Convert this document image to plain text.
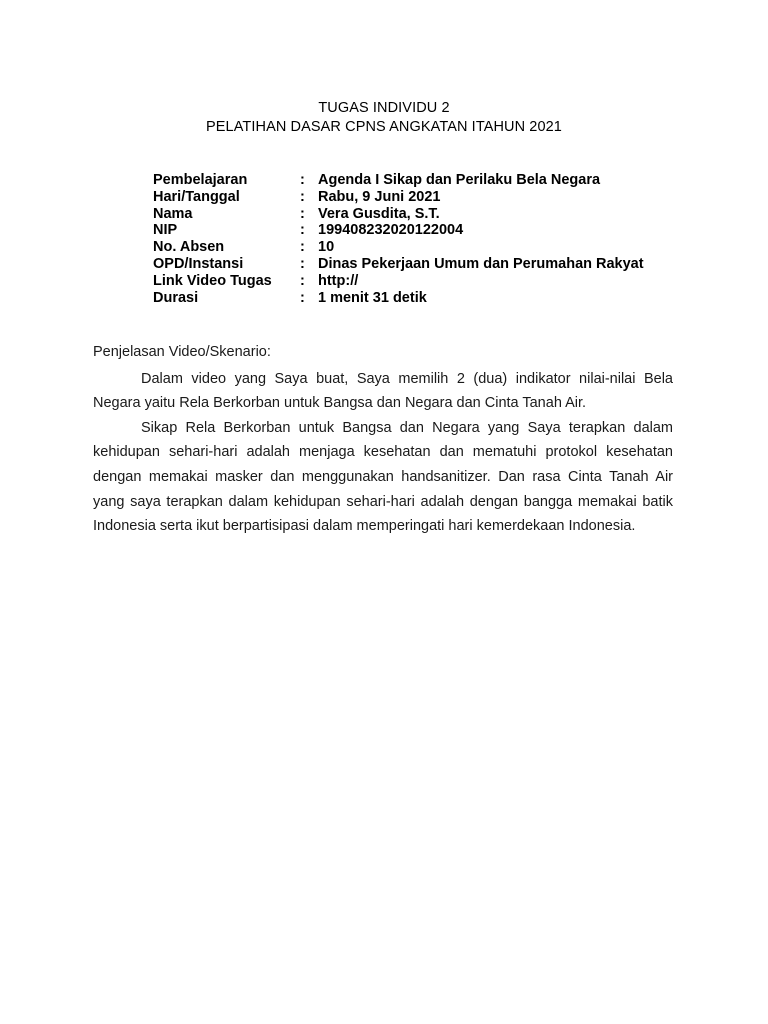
TUGAS INDIVIDU 2
PELATIHAN DASAR CPNS ANGKATAN ITAHUN 2021
Pembelajaran	:	Agenda I Sikap dan Perilaku Bela Negara
Hari/Tanggal	:	Rabu, 9 Juni 2021
Nama	:	Vera Gusdita, S.T.
NIP	:	199408232020122004
No. Absen	:	10
OPD/Instansi	:	Dinas Pekerjaan Umum dan Perumahan Rakyat
Link Video Tugas	:	http://
Durasi	:	1 menit 31 detik

Penjelasan Video/Skenario:

Dalam video yang Saya buat, Saya memilih 2 (dua) indikator nilai-nilai Bela Negara yaitu Rela Berkorban untuk Bangsa dan Negara dan Cinta Tanah Air.

Sikap Rela Berkorban untuk Bangsa dan Negara yang Saya terapkan dalam kehidupan sehari-hari adalah menjaga kesehatan dan mematuhi protokol kesehatan dengan memakai masker dan menggunakan handsanitizer. Dan rasa Cinta Tanah Air yang saya terapkan dalam kehidupan sehari-hari adalah dengan bangga memakai batik Indonesia serta ikut berpartisipasi dalam memperingati hari kemerdekaan Indonesia.
